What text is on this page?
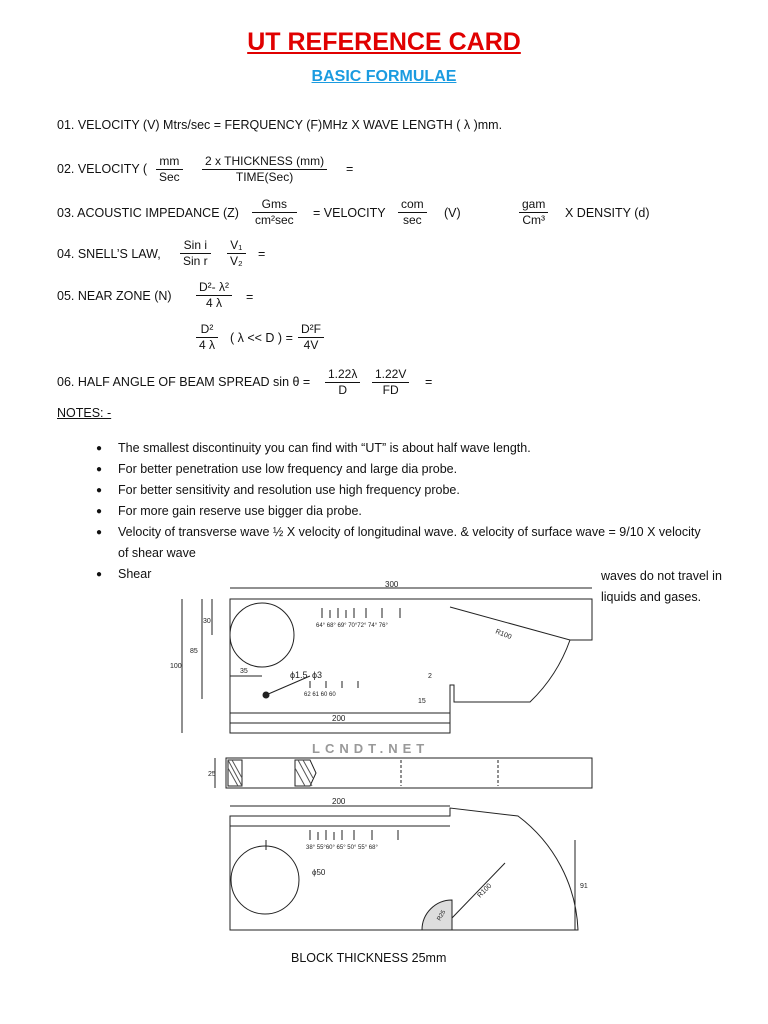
UT REFERENCE CARD
BASIC FORMULAE
01. VELOCITY (V) Mtrs/sec = FERQUENCY (F)MHz X WAVE LENGTH ( λ )mm.
02. VELOCITY (
mm
Sec
2 x THICKNESS (mm)
TIME(Sec)
=
03. ACOUSTIC IMPEDANCE (Z)
Gms
cm²sec = VELOCITY
com
sec	(V)
gam
Cm³ X DENSITY (d)
04. SNELL’S LAW,
Sin i
Sin r $\frac{\text{V₁}}{\text{V₂}}$ =
05. NEAR ZONE $(N) \frac{\text{D²- λ²}}{4 \lambda}$ =
$\frac{\text{D²}}{4 \lambda}$ ( λ << D ) = $\frac{\text{D²F}}{4V}$
06. HALF ANGLE OF BEAM SPREAD $\sin \theta = \frac{1.22\lambda}{D} \frac{1.22V}{FD}$ =
NOTES: -
● The smallest discontinuity you can find with “UT” is about half wave length.
● For better penetration use low frequency and large dia probe.
● For better sensitivity and resolution use high frequency probe.
● For more gain reserve use bigger dia probe.
● Velocity of transverse wave ½ X velocity of longitudinal wave. & velocity of surface wave = 9/10 X velocity of shear wave
● Shear	waves do not travel in
liquids and gases.
300
200
100
85
30
35	ϕ1.5 ϕ3	2
15
64° 68° 69° 70°72° 74° 76°
62 61 60 60
R100
LCNDT.NET
25
200
ϕ50
38° 55°60° 65° 50° 55° 68°
R25
R100	91
BLOCK THICKNESS 25mm
